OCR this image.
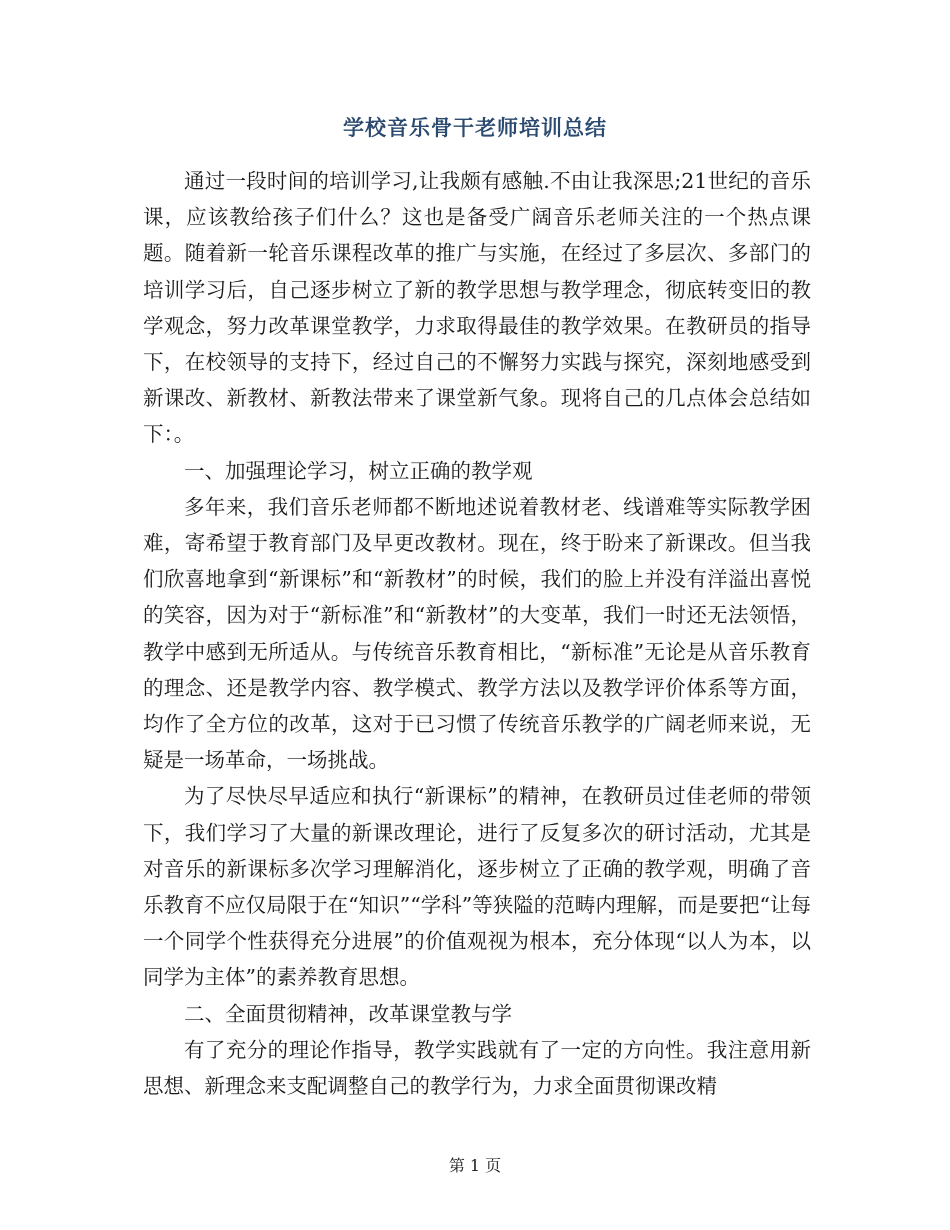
学校音乐骨干老师培训总结

通过一段时间的培训学习,让我颇有感触.不由让我深思;21世纪的音乐课，应该教给孩子们什么？这也是备受广阔音乐老师关注的一个热点课题。随着新一轮音乐课程改革的推广与实施，在经过了多层次、多部门的培训学习后，自己逐步树立了新的教学思想与教学理念，彻底转变旧的教学观念，努力改革课堂教学，力求取得最佳的教学效果。在教研员的指导下，在校领导的支持下，经过自己的不懈努力实践与探究，深刻地感受到新课改、新教材、新教法带来了课堂新气象。现将自己的几点体会总结如下：。

一、加强理论学习，树立正确的教学观

多年来，我们音乐老师都不断地述说着教材老、线谱难等实际教学困难，寄希望于教育部门及早更改教材。现在，终于盼来了新课改。但当我们欣喜地拿到“新课标”和“新教材”的时候，我们的脸上并没有洋溢出喜悦的笑容，因为对于“新标准”和“新教材”的大变革，我们一时还无法领悟，教学中感到无所适从。与传统音乐教育相比，“新标准”无论是从音乐教育的理念、还是教学内容、教学模式、教学方法以及教学评价体系等方面，均作了全方位的改革，这对于已习惯了传统音乐教学的广阔老师来说，无疑是一场革命，一场挑战。

为了尽快尽早适应和执行“新课标”的精神，在教研员过佳老师的带领下，我们学习了大量的新课改理论，进行了反复多次的研讨活动，尤其是对音乐的新课标多次学习理解消化，逐步树立了正确的教学观，明确了音乐教育不应仅局限于在“知识”“学科”等狭隘的范畴内理解，而是要把“让每一个同学个性获得充分进展”的价值观视为根本，充分体现“以人为本，以同学为主体”的素养教育思想。

二、全面贯彻精神，改革课堂教与学

有了充分的理论作指导，教学实践就有了一定的方向性。我注意用新思想、新理念来支配调整自己的教学行为，力求全面贯彻课改精

第 1 页
